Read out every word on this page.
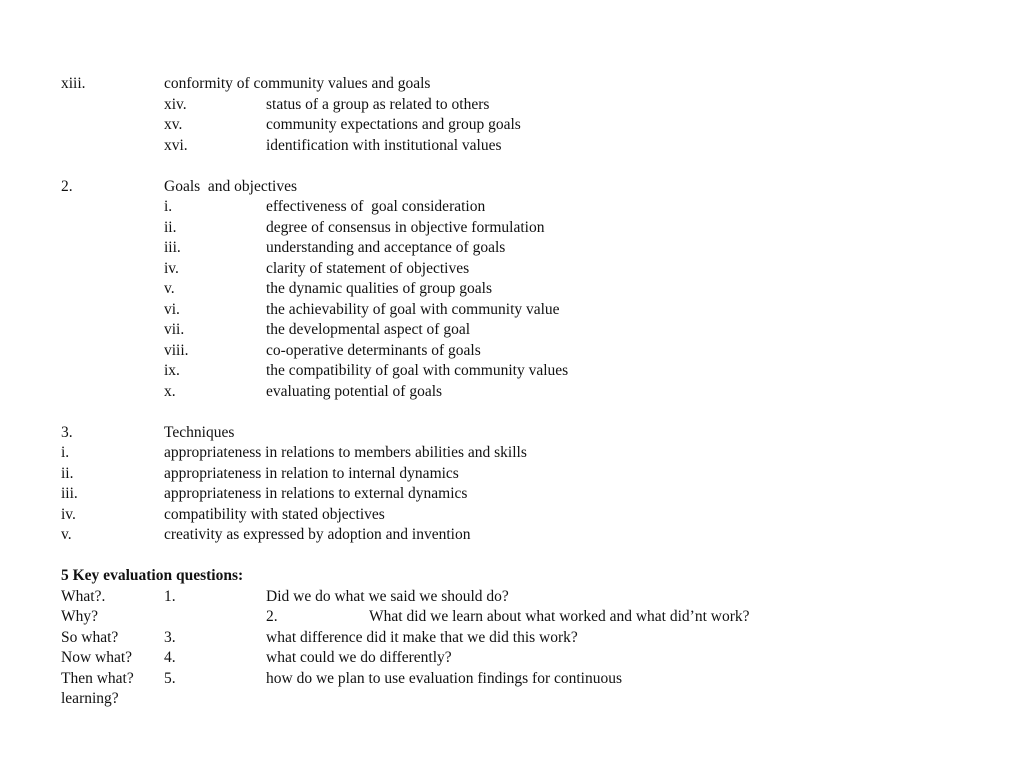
xiii.	conformity of community values and goals
xiv.	status of a group as related to others
xv.	community expectations and group goals
xvi.	identification with institutional values
2.	Goals  and objectives
i.	effectiveness of  goal consideration
ii.	degree of consensus in objective formulation
iii.	understanding and acceptance of goals
iv.	clarity of statement of objectives
v.	the dynamic qualities of group goals
vi.	the achievability of goal with community value
vii.	the developmental aspect of goal
viii.	co-operative determinants of goals
ix.	the compatibility of goal with community values
x.	evaluating potential of goals
3.	Techniques
i.	appropriateness in relations to members abilities and skills
ii.	appropriateness in relation to internal dynamics
iii.	appropriateness in relations to external dynamics
iv.	compatibility with stated objectives
v.	creativity as expressed by adoption and invention
5 Key evaluation questions:
What?.	1.	Did we do what we said we should do?
Why?	2.	What did we learn about what worked and what did’nt work?
So what?	3.	what difference did it make that we did this work?
Now what? 4.	what could we do differently?
Then what? 5.	how do we plan to use evaluation findings for continuous
learning?
